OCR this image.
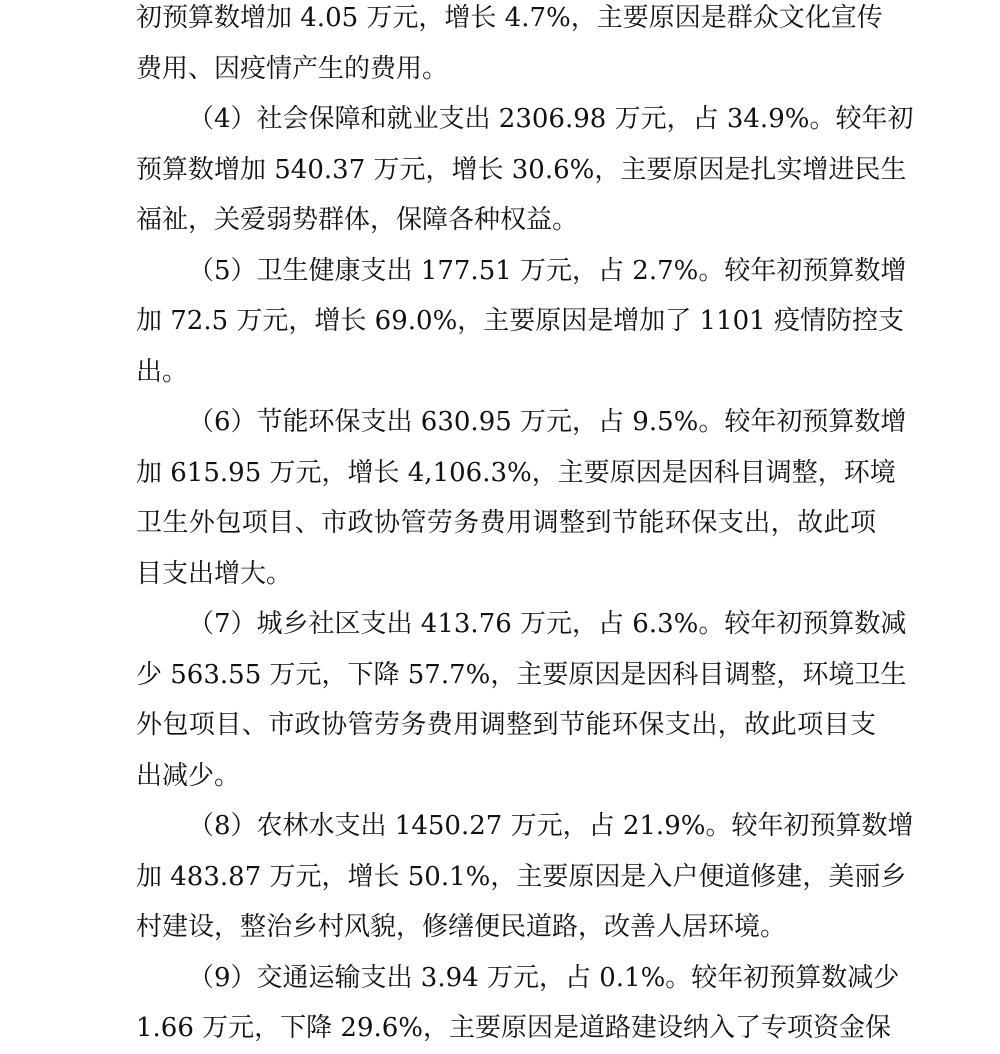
初预算数增加 4.05 万元，增长 4.7%，主要原因是群众文化宣传
费用、因疫情产生的费用。
（4）社会保障和就业支出 2306.98 万元，占 34.9%。较年初
预算数增加 540.37 万元，增长 30.6%，主要原因是扎实增进民生
福祉，关爱弱势群体，保障各种权益。
（5）卫生健康支出 177.51 万元，占 2.7%。较年初预算数增
加 72.5 万元，增长 69.0%，主要原因是增加了 1101 疫情防控支
出。
（6）节能环保支出 630.95 万元，占 9.5%。较年初预算数增
加 615.95 万元，增长 4,106.3%，主要原因是因科目调整，环境
卫生外包项目、市政协管劳务费用调整到节能环保支出，故此项
目支出增大。
（7）城乡社区支出 413.76 万元，占 6.3%。较年初预算数减
少 563.55 万元，下降 57.7%，主要原因是因科目调整，环境卫生
外包项目、市政协管劳务费用调整到节能环保支出，故此项目支
出减少。
（8）农林水支出 1450.27 万元，占 21.9%。较年初预算数增
加 483.87 万元，增长 50.1%，主要原因是入户便道修建，美丽乡
村建设，整治乡村风貌，修缮便民道路，改善人居环境。
（9）交通运输支出 3.94 万元，占 0.1%。较年初预算数减少
1.66 万元，下降 29.6%，主要原因是道路建设纳入了专项资金保
